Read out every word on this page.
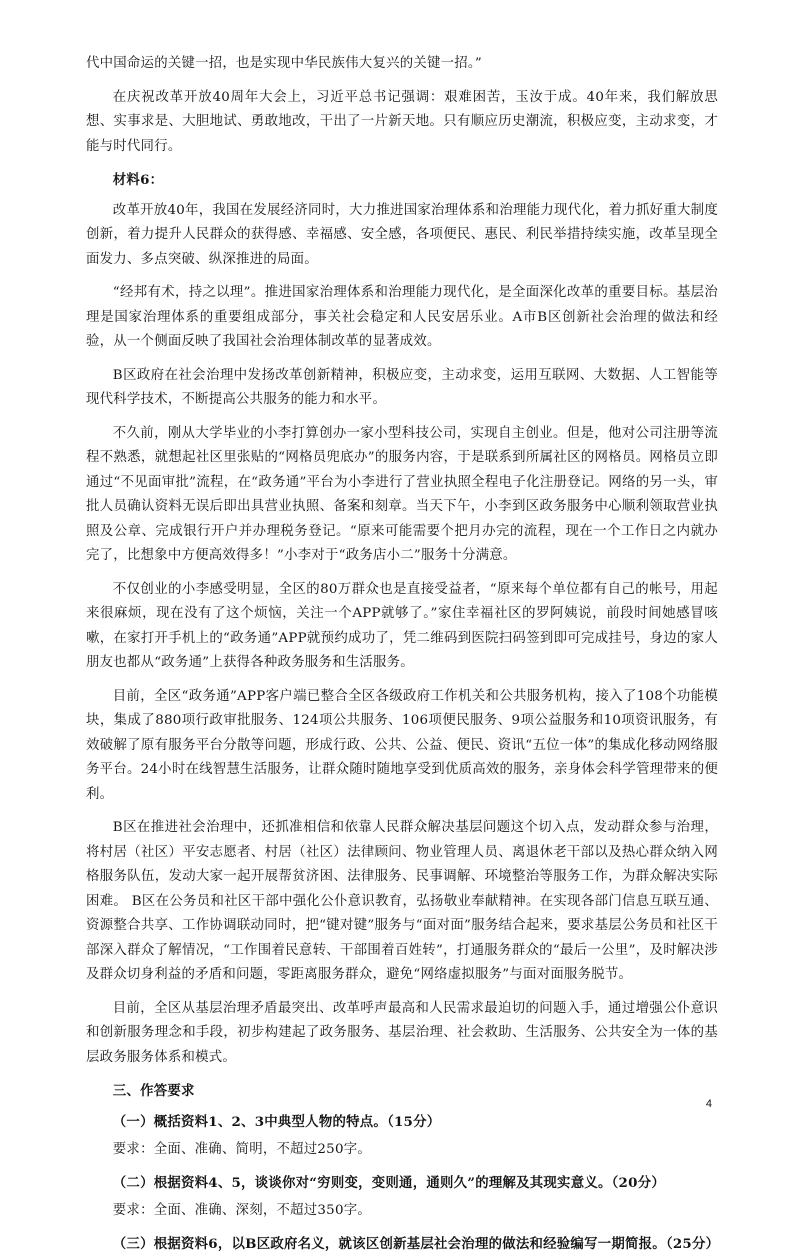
代中国命运的关键一招，也是实现中华民族伟大复兴的关键一招。”

在庆祝改革开放40周年大会上，习近平总书记强调：艰难困苦，玉汝于成。40年来，我们解放思想、实事求是、大胆地试、勇敢地改，干出了一片新天地。只有顺应历史潮流，积极应变，主动求变，才能与时代同行。

材料6：

改革开放40年，我国在发展经济同时，大力推进国家治理体系和治理能力现代化，着力抓好重大制度创新，着力提升人民群众的获得感、幸福感、安全感，各项便民、惠民、利民举措持续实施，改革呈现全面发力、多点突破、纵深推进的局面。

“经邦有术，持之以理”。推进国家治理体系和治理能力现代化，是全面深化改革的重要目标。基层治理是国家治理体系的重要组成部分，事关社会稳定和人民安居乐业。A市B区创新社会治理的做法和经验，从一个侧面反映了我国社会治理体制改革的显著成效。

B区政府在社会治理中发扬改革创新精神，积极应变，主动求变，运用互联网、大数据、人工智能等现代科学技术，不断提高公共服务的能力和水平。

不久前，刚从大学毕业的小李打算创办一家小型科技公司，实现自主创业。但是，他对公司注册等流程不熟悉，就想起社区里张贴的“网格员兜底办”的服务内容，于是联系到所属社区的网格员。网格员立即通过“不见面审批”流程，在“政务通”平台为小李进行了营业执照全程电子化注册登记。网络的另一头，审批人员确认资料无误后即出具营业执照、备案和刻章。当天下午，小李到区政务服务中心顺利领取营业执照及公章、完成银行开户并办理税务登记。“原来可能需要个把月办完的流程，现在一个工作日之内就办完了，比想象中方便高效得多！”小李对于“政务店小二”服务十分满意。

不仅创业的小李感受明显，全区的80万群众也是直接受益者，“原来每个单位都有自己的帐号，用起来很麻烦，现在没有了这个烦恼，关注一个APP就够了。”家住幸福社区的罗阿姨说，前段时间她感冒咳嗽，在家打开手机上的“政务通”APP就预约成功了，凭二维码到医院扫码签到即可完成挂号，身边的家人朋友也都从“政务通”上获得各种政务服务和生活服务。

目前，全区“政务通”APP客户端已整合全区各级政府工作机关和公共服务机构，接入了108个功能模块，集成了880项行政审批服务、124项公共服务、106项便民服务、9项公益服务和10项资讯服务，有效破解了原有服务平台分散等问题，形成行政、公共、公益、便民、资讯“五位一体”的集成化移动网络服务平台。24小时在线智慧生活服务，让群众随时随地享受到优质高效的服务，亲身体会科学管理带来的便利。

B区在推进社会治理中，还抓准相信和依靠人民群众解决基层问题这个切入点，发动群众参与治理，将村居（社区）平安志愿者、村居（社区）法律顾问、物业管理人员、离退休老干部以及热心群众纳入网格服务队伍，发动大家一起开展帮贫济困、法律服务、民事调解、环境整治等服务工作，为群众解决实际困难。 B区在公务员和社区干部中强化公仆意识教育，弘扬敬业奉献精神。在实现各部门信息互联互通、资源整合共享、工作协调联动同时，把“键对键”服务与“面对面”服务结合起来，要求基层公务员和社区干部深入群众了解情况，“工作围着民意转、干部围着百姓转”，打通服务群众的“最后一公里”，及时解决涉及群众切身利益的矛盾和问题，零距离服务群众，避免“网络虚拟服务”与面对面服务脱节。

目前，全区从基层治理矛盾最突出、改革呼声最高和人民需求最迫切的问题入手，通过增强公仆意识和创新服务理念和手段，初步构建起了政务服务、基层治理、社会救助、生活服务、公共安全为一体的基层政务服务体系和模式。

三、作答要求

（一）概括资料1、2、3中典型人物的特点。（15分）

要求：全面、准确、简明，不超过250字。

（二）根据资料4、5，谈谈你对“穷则变，变则通，通则久”的理解及其现实意义。（20分）

要求：全面、准确、深刻，不超过350字。

（三）根据资料6，以B区政府名义，就该区创新基层社会治理的做法和经验编写一期简报。（25分）

4
